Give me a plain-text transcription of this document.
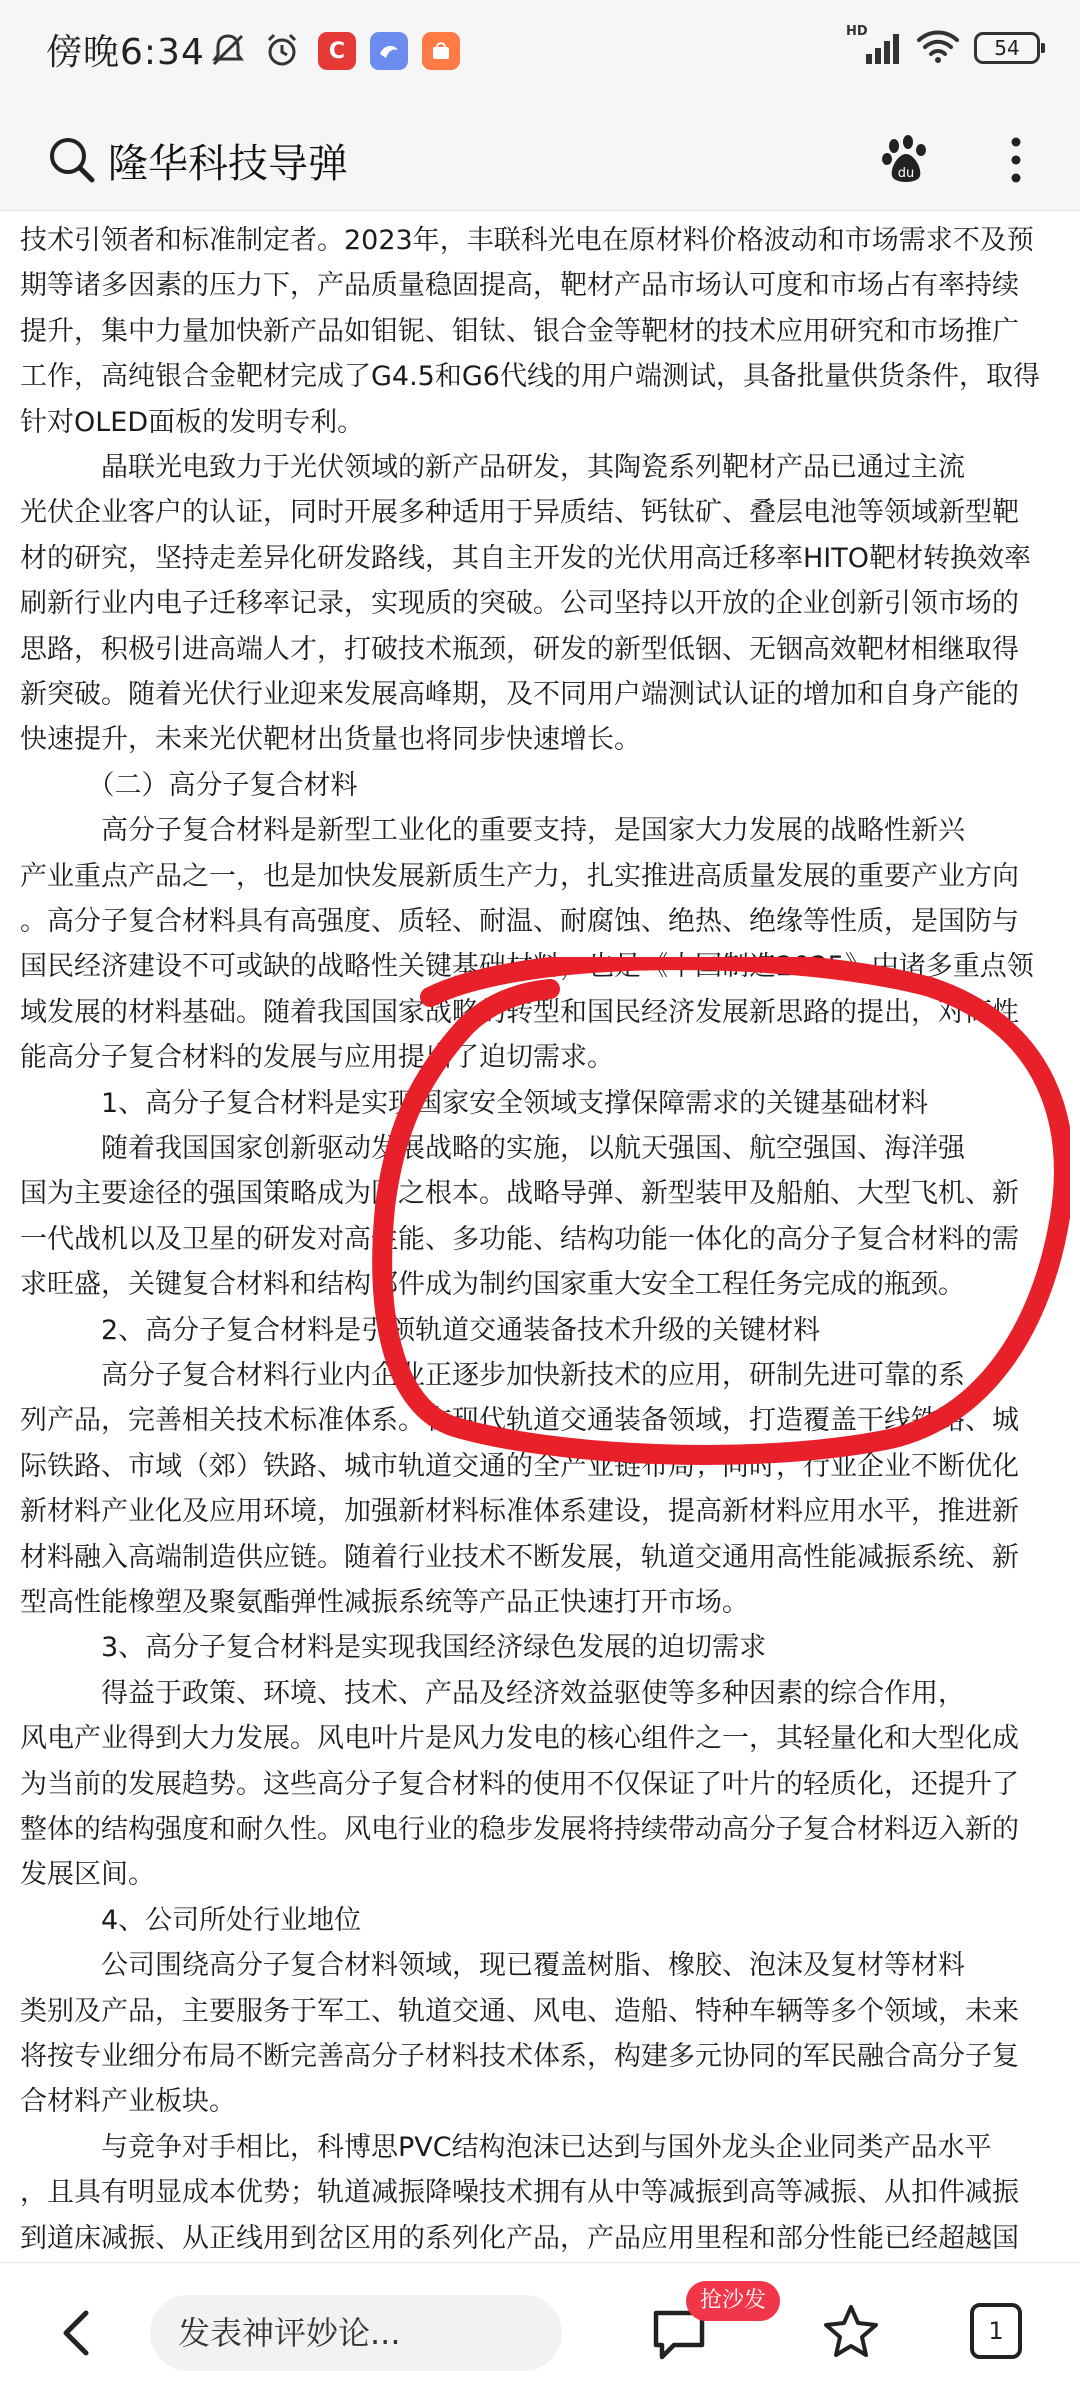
傍晚6:34	C
HD
54
隆华科技导弹	du
技术引领者和标准制定者。2023年，丰联科光电在原材料价格波动和市场需求不及预
期等诸多因素的压力下，产品质量稳固提高，靶材产品市场认可度和市场占有率持续
提升，集中力量加快新产品如钼铌、钼钛、银合金等靶材的技术应用研究和市场推广
工作，高纯银合金靶材完成了G4.5和G6代线的用户端测试，具备批量供货条件，取得
针对OLED面板的发明专利。
　　　晶联光电致力于光伏领域的新产品研发，其陶瓷系列靶材产品已通过主流
光伏企业客户的认证，同时开展多种适用于异质结、钙钛矿、叠层电池等领域新型靶
材的研究，坚持走差异化研发路线，其自主开发的光伏用高迁移率HITO靶材转换效率
刷新行业内电子迁移率记录，实现质的突破。公司坚持以开放的企业创新引领市场的
思路，积极引进高端人才，打破技术瓶颈，研发的新型低铟、无铟高效靶材相继取得
新突破。随着光伏行业迎来发展高峰期，及不同用户端测试认证的增加和自身产能的
快速提升，未来光伏靶材出货量也将同步快速增长。
　　　（二）高分子复合材料
　　　高分子复合材料是新型工业化的重要支持，是国家大力发展的战略性新兴
产业重点产品之一，也是加快发展新质生产力，扎实推进高质量发展的重要产业方向
。高分子复合材料具有高强度、质轻、耐温、耐腐蚀、绝热、绝缘等性质，是国防与
国民经济建设不可或缺的战略性关键基础材料，也是《中国制造2025》中诸多重点领
域发展的材料基础。随着我国国家战略的转型和国民经济发展新思路的提出，对高性
能高分子复合材料的发展与应用提出了迫切需求。
　　　1、高分子复合材料是实现国家安全领域支撑保障需求的关键基础材料
　　　随着我国国家创新驱动发展战略的实施，以航天强国、航空强国、海洋强
国为主要途径的强国策略成为国之根本。战略导弹、新型装甲及船舶、大型飞机、新
一代战机以及卫星的研发对高性能、多功能、结构功能一体化的高分子复合材料的需
求旺盛，关键复合材料和结构部件成为制约国家重大安全工程任务完成的瓶颈。
　　　2、高分子复合材料是引领轨道交通装备技术升级的关键材料
　　　高分子复合材料行业内企业正逐步加快新技术的应用，研制先进可靠的系
列产品，完善相关技术标准体系。在现代轨道交通装备领域，打造覆盖干线铁路、城
际铁路、市域（郊）铁路、城市轨道交通的全产业链布局；同时，行业企业不断优化
新材料产业化及应用环境，加强新材料标准体系建设，提高新材料应用水平，推进新
材料融入高端制造供应链。随着行业技术不断发展，轨道交通用高性能减振系统、新
型高性能橡塑及聚氨酯弹性减振系统等产品正快速打开市场。
　　　3、高分子复合材料是实现我国经济绿色发展的迫切需求
　　　得益于政策、环境、技术、产品及经济效益驱使等多种因素的综合作用，
风电产业得到大力发展。风电叶片是风力发电的核心组件之一，其轻量化和大型化成
为当前的发展趋势。这些高分子复合材料的使用不仅保证了叶片的轻质化，还提升了
整体的结构强度和耐久性。风电行业的稳步发展将持续带动高分子复合材料迈入新的
发展区间。
　　　4、公司所处行业地位
　　　公司围绕高分子复合材料领域，现已覆盖树脂、橡胶、泡沫及复材等材料
类别及产品，主要服务于军工、轨道交通、风电、造船、特种车辆等多个领域，未来
将按专业细分布局不断完善高分子材料技术体系，构建多元协同的军民融合高分子复
合材料产业板块。
　　　与竞争对手相比，科博思PVC结构泡沫已达到与国外龙头企业同类产品水平
，且具有明显成本优势；轨道减振降噪技术拥有从中等减振到高等减振、从扣件减振
到道床减振、从正线用到岔区用的系列化产品，产品应用里程和部分性能已经超越国
发表神评妙论...
抢沙发
1
